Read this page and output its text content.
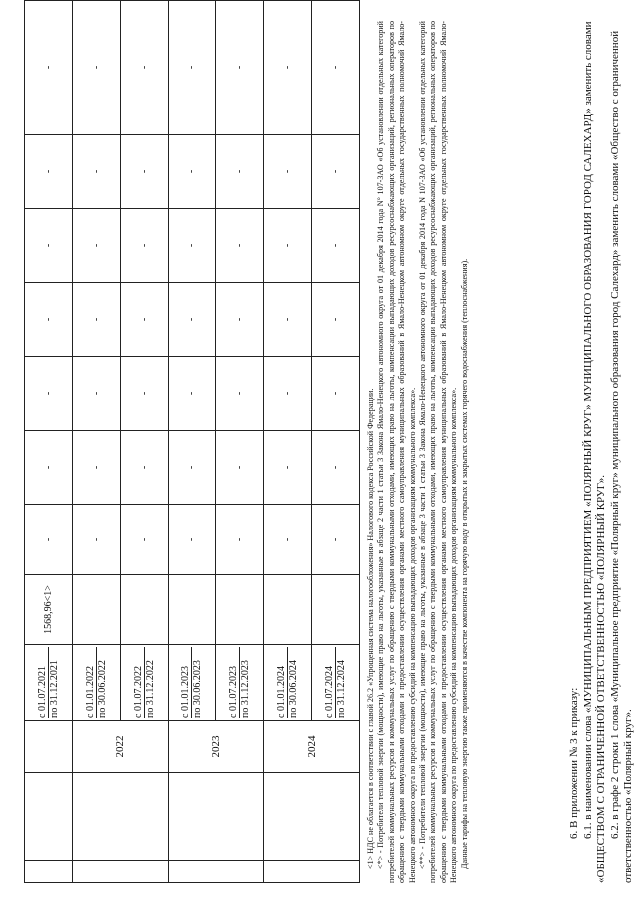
			с 01.07.2021 по 31.12.2021	1568,96<1>	-	-	-	-	-	-	-
		2022	с 01.01.2022 по 30.06.2022		-	-	-	-	-	-	-

			с 01.07.2022 по 31.12.2022		-	-	-	-	-	-	-
		2023	с 01.01.2023 по 30.06.2023		-	-	-	-	-	-	-

			с 01.07.2023 по 31.12.2023		-	-	-	-	-	-	-
		2024	с 01.01.2024 по 30.06.2024		-	-	-	-	-	-	-

			с 01.07.2024 по 31.12.2024		-	-	-	-	-	-	-

<1> НДС не облагается в соответствии с главой 26.2 «Упрощенная система налогообложения» Налогового кодекса Российской Федерации. <*> - Потребители тепловой энергии (мощности), имеющие право на льготы, указанные в абзаце 2 части 1 статьи 3 Закона Ямало-Ненецкого автономного округа от 01 декабря 2014 года N° 107-ЗАО «Об установлении отдельных категорий потребителей коммунальных ресурсов и коммунальных услуг по обращению с твердыми коммунальными отходами, имеющих право на льготы, компенсации выпадающих доходов ресурсоснабжающих организаций, региональных операторов по обращению с твердыми коммунальными отходами и предоставлении осуществления органами местного самоуправления муниципальных образований в Ямало-Ненецком автономном округе отдельных государственных полномочий Ямало-Ненецкого автономного округа по предоставлению субсидий на компенсацию выпадающих доходов организациям коммунального комплекса». <**> - Потребители тепловой энергии (мощности), имеющие право на льготы, указанные в абзаце 3 части 1 статьи 3 Закона Ямало-Ненецкого автономного округа от 01 декабря 2014 года N 107-ЗАО «Об установлении отдельных категорий потребителей коммунальных ресурсов и коммунальных услуг по обращению с твердыми коммунальными отходами, имеющих право на льготы, компенсации выпадающих доходов ресурсоснабжающих организаций, региональных операторов по обращению с твердыми коммунальными отходами и предоставлении осуществления органами местного самоуправления муниципальных образований в Ямало-Ненецком автономном округе отдельных государственных полномочий Ямало-Ненецкого автономного округа по предоставлению субсидий на компенсацию выпадающих доходов организациям коммунального комплекса». Данные тарифы на тепловую энергию также применяются в качестве компонента на горячую воду в открытых и закрытых системах горячего водоснабжения (теплоснабжения).	6. В приложении № 3 к приказу: 6.1. в наименовании слова «МУНИЦИПАЛЬНЫМ ПРЕДПРИЯТИЕМ «ПОЛЯРНЫЙ КРУГ» МУНИЦИПАЛЬНОГО ОБРАЗОВАНИЯ ГОРОД САЛЕХАРД» заменить словами «ОБЩЕСТВОМ С ОГРАНИЧЕННОЙ ОТВЕТСТВЕННОСТЬЮ «ПОЛЯРНЫЙ КРУГ». 6.2. в графе 2 строки 1 слова «Муниципальное предприятие «Полярный круг» муниципального образования город Салехард» заменить словами «Общество с ограниченной ответственностью «Полярный круг».
